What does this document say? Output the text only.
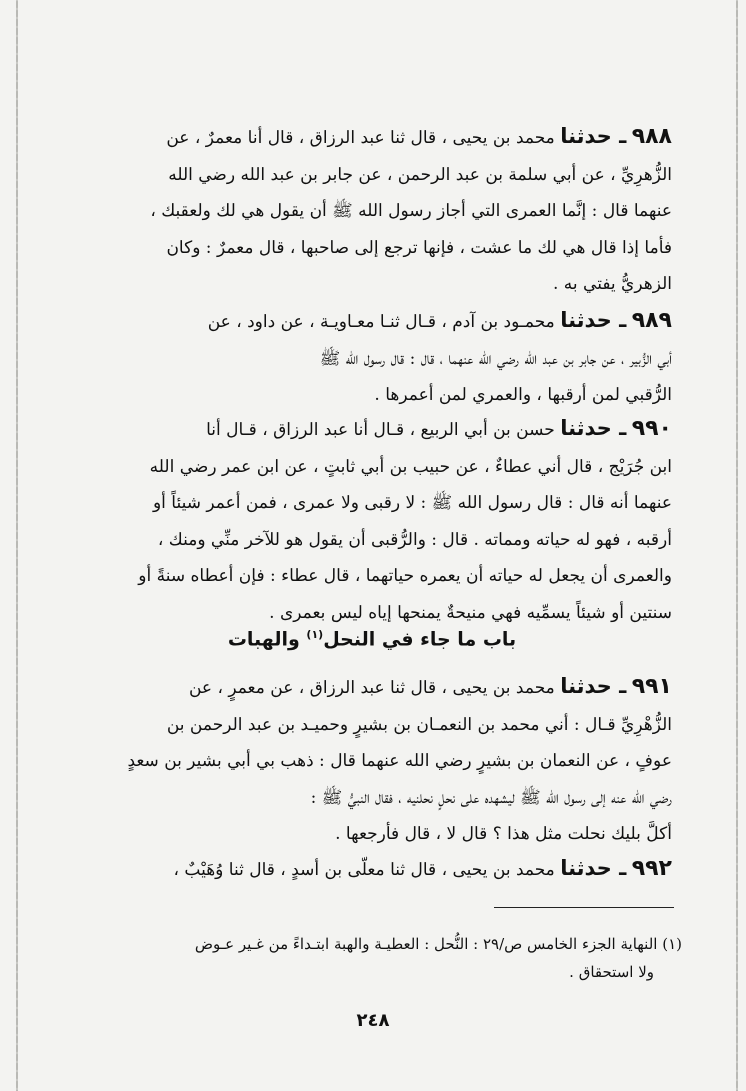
٩٨٨ ـ حدثنا محمد بن يحيى ، قال ثنا عبد الرزاق ، قال أنا معمرٌ ، عن
الزُّهرِيِّ ، عن أبي سلمة بن عبد الرحمن ، عن جابر بن عبد الله رضي الله
عنهما قال : إنَّما العمرى التي أجاز رسول الله ﷺ أن يقول هي لك ولعقبك ،
فأما إذا قال هي لك ما عشت ، فإنها ترجع إلى صاحبها ، قال معمرٌ : وكان
الزهريُّ يفتي به .
٩٨٩ ـ حدثنا محمـود بن آدم ، قـال ثنـا معـاويـة ، عن داود ، عن
أبي الزُّبير ، عن جابر بن عبد الله رضي الله عنهما ، قال : قال رسول الله ﷺ
الرُّقبي لمن أرقبها ، والعمري لمن أعمرها .
٩٩٠ ـ حدثنا حسن بن أبي الربيع ، قـال أنا عبد الرزاق ، قـال أنا
ابن جُرَيْج ، قال أني عطاءٌ ، عن حبيب بن أبي ثابتٍ ، عن ابن عمر رضي الله
عنهما أنه قال : قال رسول الله ﷺ : لا رقبى ولا عمرى ، فمن أعمر شيئاً أو
أرقبه ، فهو له حياته ومماته . قال : والرُّقبى أن يقول هو للآخر منِّي ومنك ،
والعمرى أن يجعل له حياته أن يعمره حياتهما ، قال عطاء : فإن أعطاه سنةً أو
سنتين أو شيئاً يسمِّيه فهي منيحةٌ يمنحها إياه ليس بعمرى .
باب ما جاء في النحل$^{(١)}$ والهبات
٩٩١ ـ حدثنا محمد بن يحيى ، قال ثنا عبد الرزاق ، عن معمرٍ ، عن
الزُّهْرِيِّ قـال : أني محمد بن النعمـان بن بشيرٍ وحميـد بن عبد الرحمن بن
عوفٍ ، عن النعمان بن بشيرٍ رضي الله عنهما قال : ذهب بي أبي بشير بن سعدٍ
رضي الله عنه إلى رسول الله ﷺ ليشهده على نحلٍ نحلنيه ، فقال النبيُّ ﷺ :
أكلَّ بليك نحلت مثل هذا ؟ قال لا ، قال فأرجعها .
٩٩٢ ـ حدثنا محمد بن يحيى ، قال ثنا معلّى بن أسدٍ ، قال ثنا وُهَيْبٌ ،
(١) النهاية الجزء الخامس ص/٢٩ : النُّحل : العطيـة والهبة ابتـداءً من غـير عـوض
ولا استحقاق .
٢٤٨
